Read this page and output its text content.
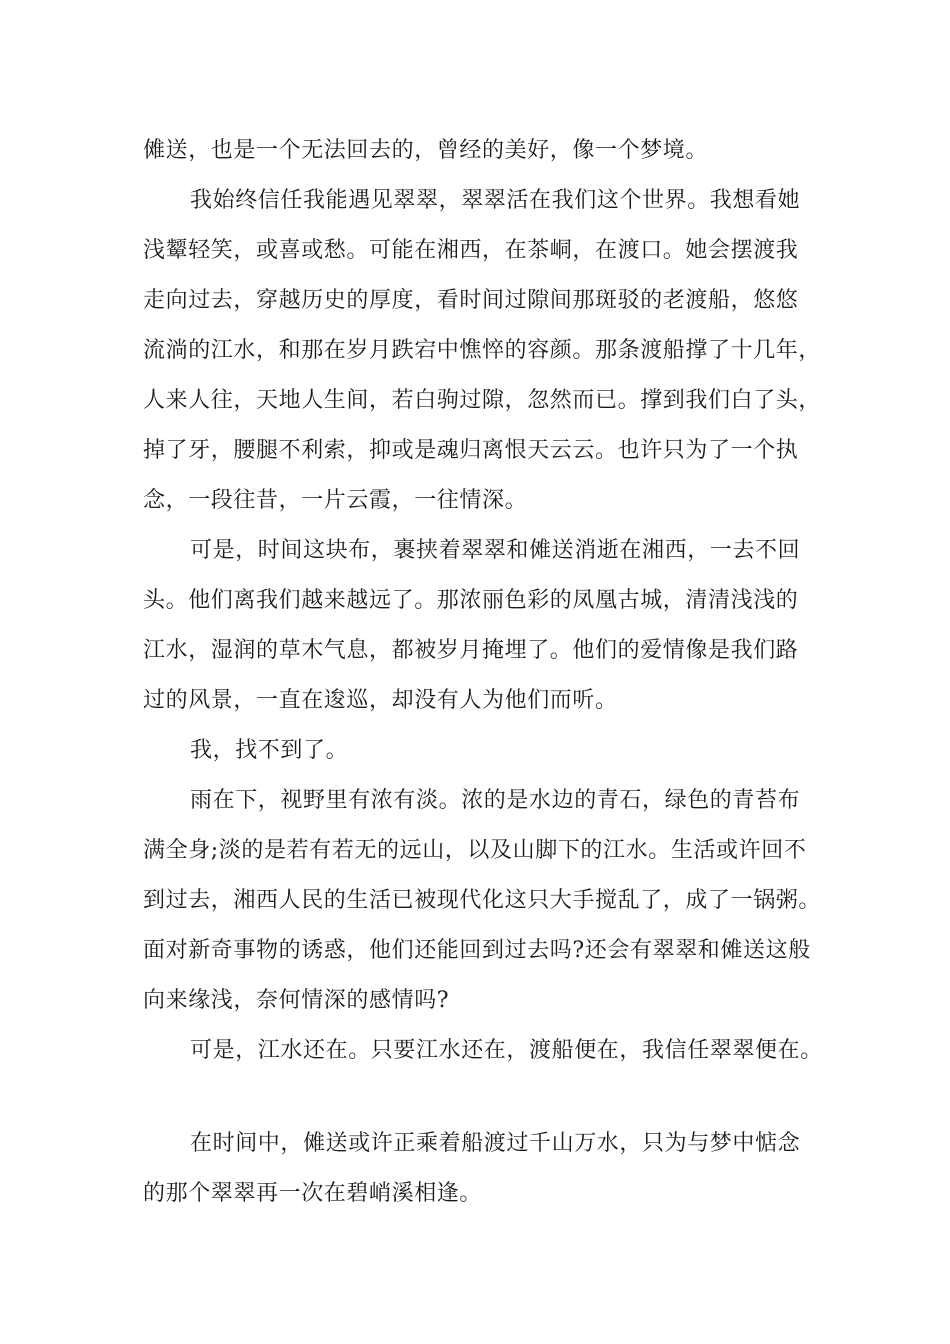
傩送，也是一个无法回去的，曾经的美好，像一个梦境。
我始终信任我能遇见翠翠，翠翠活在我们这个世界。我想看她
浅颦轻笑，或喜或愁。可能在湘西，在茶峒，在渡口。她会摆渡我
走向过去，穿越历史的厚度，看时间过隙间那斑驳的老渡船，悠悠
流淌的江水，和那在岁月跌宕中憔悴的容颜。那条渡船撑了十几年，
人来人往，天地人生间，若白驹过隙，忽然而已。撑到我们白了头，
掉了牙，腰腿不利索，抑或是魂归离恨天云云。也许只为了一个执
念，一段往昔，一片云霞，一往情深。
可是，时间这块布，裹挟着翠翠和傩送消逝在湘西，一去不回
头。他们离我们越来越远了。那浓丽色彩的凤凰古城，清清浅浅的
江水，湿润的草木气息，都被岁月掩埋了。他们的爱情像是我们路
过的风景，一直在逡巡，却没有人为他们而听。
我，找不到了。
雨在下，视野里有浓有淡。浓的是水边的青石，绿色的青苔布
满全身;淡的是若有若无的远山，以及山脚下的江水。生活或许回不
到过去，湘西人民的生活已被现代化这只大手搅乱了，成了一锅粥。
面对新奇事物的诱惑，他们还能回到过去吗?还会有翠翠和傩送这般
向来缘浅，奈何情深的感情吗?
可是，江水还在。只要江水还在，渡船便在，我信任翠翠便在。
在时间中，傩送或许正乘着船渡过千山万水，只为与梦中惦念
的那个翠翠再一次在碧峭溪相逢。
